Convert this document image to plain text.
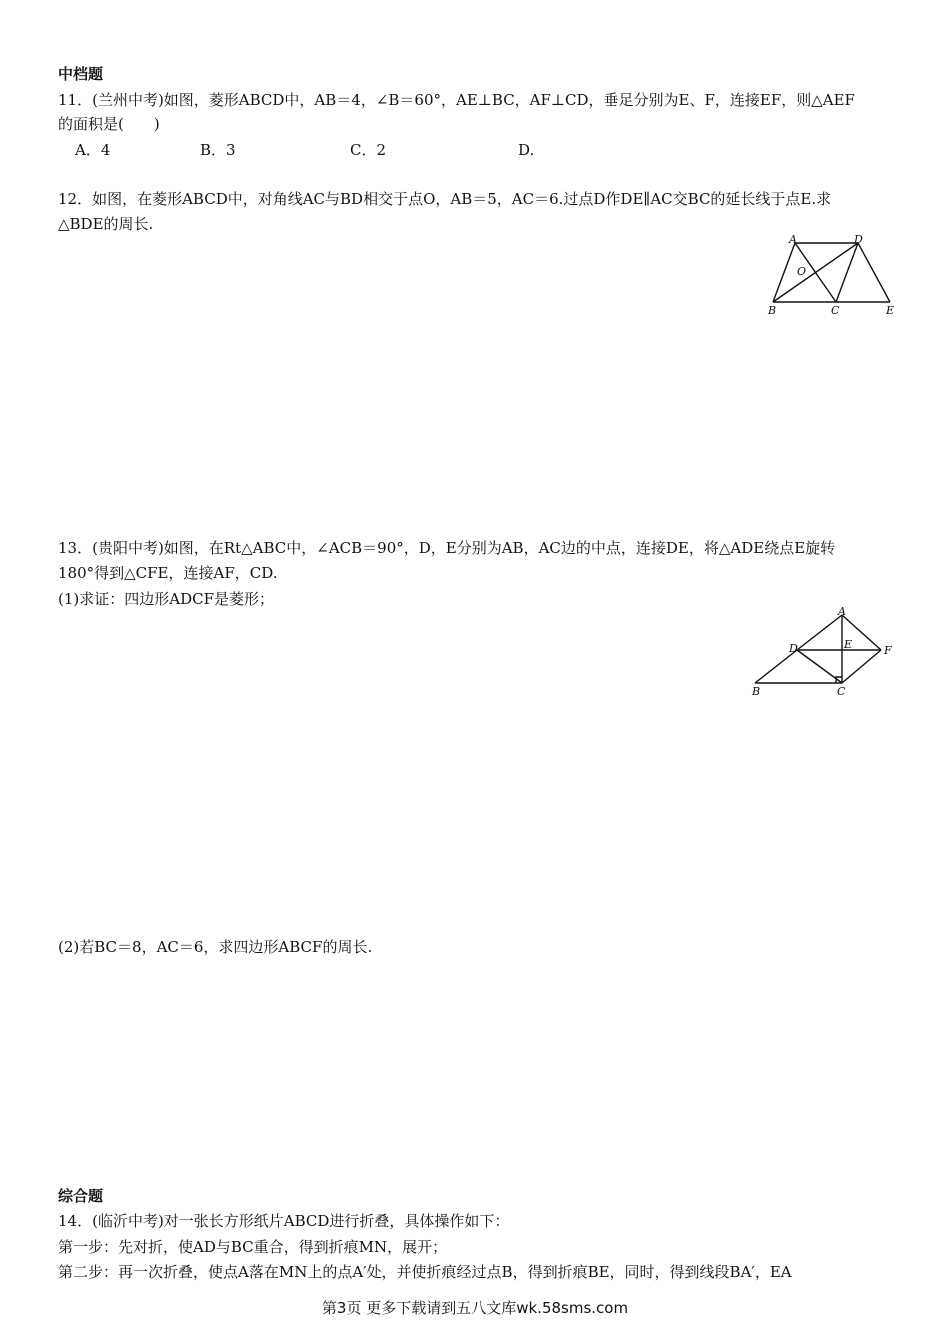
中档题
11．(兰州中考)如图，菱形ABCD中，AB＝4，∠B＝60°，AE⊥BC，AF⊥CD，垂足分别为E、F，连接EF，则△AEF
的面积是(　　)
A．4	B．3	C．2	D.
12．如图，在菱形ABCD中，对角线AC与BD相交于点O，AB＝5，AC＝6.过点D作DE∥AC交BC的延长线于点E.求
△BDE的周长.
A	D
O
B	C	E
13．(贵阳中考)如图，在Rt△ABC中，∠ACB＝90°，D，E分别为AB，AC边的中点，连接DE，将△ADE绕点E旋转
180°得到△CFE，连接AF，CD.
(1)求证：四边形ADCF是菱形；
A
D	E	F
B	C
(2)若BC＝8，AC＝6，求四边形ABCF的周长.
综合题
14．(临沂中考)对一张长方形纸片ABCD进行折叠，具体操作如下：
第一步：先对折，使AD与BC重合，得到折痕MN，展开；
第二步：再一次折叠，使点A落在MN上的点A′处，并使折痕经过点B，得到折痕BE，同时，得到线段BA′，EA
第3页 更多下载请到五八文库wk.58sms.com
